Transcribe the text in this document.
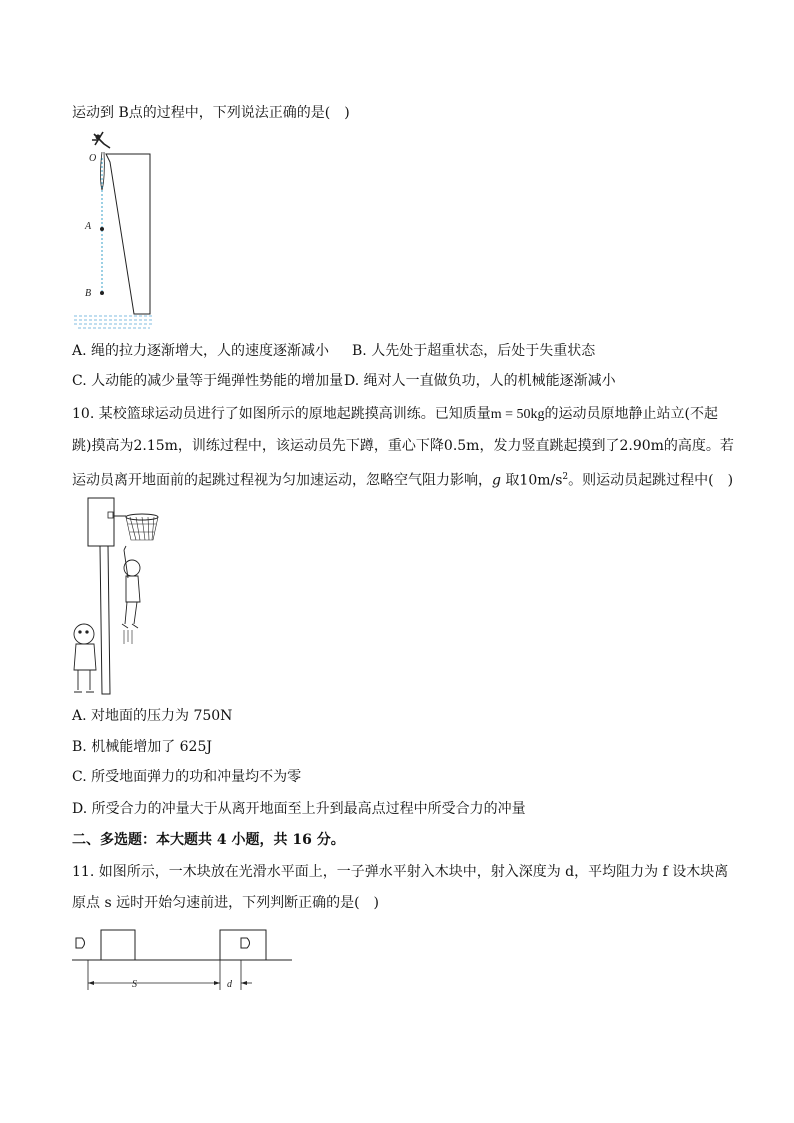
运动到 B点的过程中，下列说法正确的是(　)
O
A
B
A. 绳的拉力逐渐增大，人的速度逐渐减小 B. 人先处于超重状态，后处于失重状态
C. 人动能的减少量等于绳弹性势能的增加量 D. 绳对人一直做负功，人的机械能逐渐减小
10. 某校篮球运动员进行了如图所示的原地起跳摸高训练。已知质量m = 50kg的运动员原地静止站立(不起
跳)摸高为2.15m，训练过程中，该运动员先下蹲，重心下降0.5m，发力竖直跳起摸到了2.90m的高度。若
运动员离开地面前的起跳过程视为匀加速运动，忽略空气阻力影响，g 取$10m/s^2$。则运动员起跳过程中(　)
A. 对地面的压力为 750N
B. 机械能增加了 625J
C. 所受地面弹力的功和冲量均不为零
D. 所受合力的冲量大于从离开地面至上升到最高点过程中所受合力的冲量
二、多选题：本大题共 4 小题，共 16 分。
11. 如图所示，一木块放在光滑水平面上，一子弹水平射入木块中，射入深度为 d，平均阻力为 f 设木块离
原点 s 远时开始匀速前进，下列判断正确的是(　)
S	d
